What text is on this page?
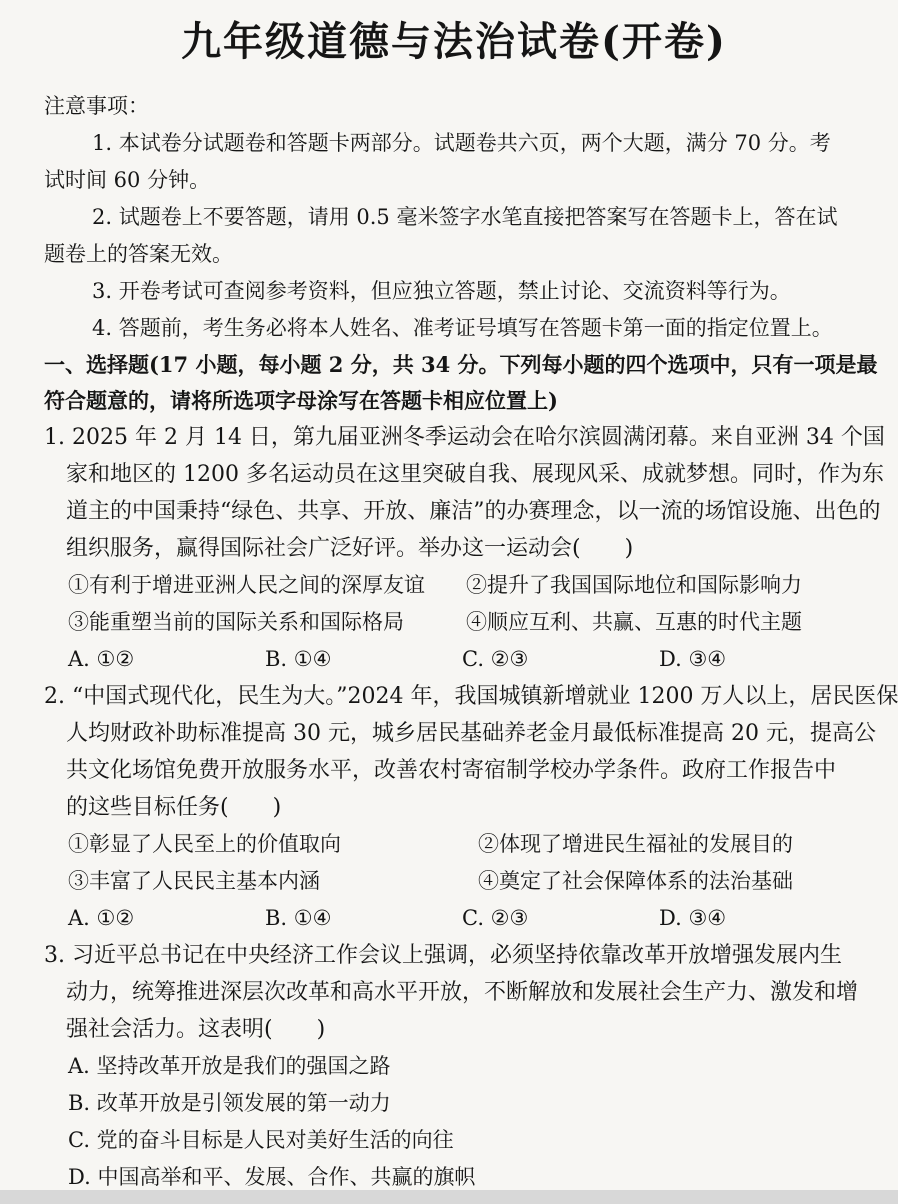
九年级道德与法治试卷(开卷)
注意事项：
1. 本试卷分试题卷和答题卡两部分。试题卷共六页，两个大题，满分 70 分。考
试时间 60 分钟。
2. 试题卷上不要答题，请用 0.5 毫米签字水笔直接把答案写在答题卡上，答在试
题卷上的答案无效。
3. 开卷考试可查阅参考资料，但应独立答题，禁止讨论、交流资料等行为。
4. 答题前，考生务必将本人姓名、准考证号填写在答题卡第一面的指定位置上。
一、选择题(17 小题，每小题 2 分，共 34 分。下列每小题的四个选项中，只有一项是最
符合题意的，请将所选项字母涂写在答题卡相应位置上)
1. 2025 年 2 月 14 日，第九届亚洲冬季运动会在哈尔滨圆满闭幕。来自亚洲 34 个国
家和地区的 1200 多名运动员在这里突破自我、展现风采、成就梦想。同时，作为东
道主的中国秉持“绿色、共享、开放、廉洁”的办赛理念，以一流的场馆设施、出色的
组织服务，赢得国际社会广泛好评。举办这一运动会(　　)
①有利于增进亚洲人民之间的深厚友谊	②提升了我国国际地位和国际影响力
③能重塑当前的国际关系和国际格局	④顺应互利、共赢、互惠的时代主题
A. ①②	B. ①④	C. ②③	D. ③④
2. “中国式现代化，民生为大。”2024 年，我国城镇新增就业 1200 万人以上，居民医保
人均财政补助标准提高 30 元，城乡居民基础养老金月最低标准提高 20 元，提高公
共文化场馆免费开放服务水平，改善农村寄宿制学校办学条件。政府工作报告中
的这些目标任务(　　)
①彰显了人民至上的价值取向	②体现了增进民生福祉的发展目的
③丰富了人民民主基本内涵	④奠定了社会保障体系的法治基础
A. ①②	B. ①④	C. ②③	D. ③④
3. 习近平总书记在中央经济工作会议上强调，必须坚持依靠改革开放增强发展内生
动力，统筹推进深层次改革和高水平开放，不断解放和发展社会生产力、激发和增
强社会活力。这表明(　　)
A. 坚持改革开放是我们的强国之路
B. 改革开放是引领发展的第一动力
C. 党的奋斗目标是人民对美好生活的向往
D. 中国高举和平、发展、合作、共赢的旗帜
